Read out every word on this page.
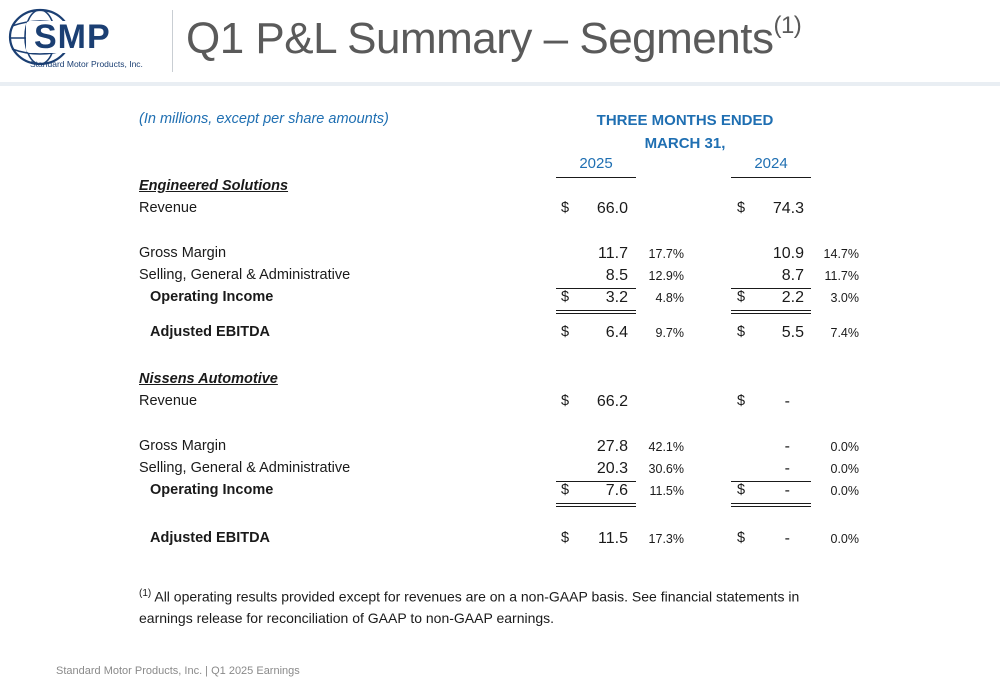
SMP
Standard Motor Products, Inc.
Q1 P&L Summary – Segments$^{(1)}$
(In millions, except per share amounts)	THREE MONTHS ENDED
MARCH 31,
2025	2024
Engineered Solutions
Revenue	$	66.0	$	74.3
Gross Margin	11.7	17.7%	10.9	14.7%
Selling, General & Administrative	8.5	12.9%	8.7	11.7%
Operating Income	$	3.2	4.8%	$	2.2	3.0%
Adjusted EBITDA	$	6.4	9.7%	$	5.5	7.4%
Nissens Automotive
Revenue	$	66.2	$	-
Gross Margin	27.8	42.1%	-	0.0%
Selling, General & Administrative	20.3	30.6%	-	0.0%
Operating Income	$	7.6	11.5%	$	-	0.0%
Adjusted EBITDA	$	11.5	17.3%	$	-	0.0%
$^{(1)}$ All operating results provided except for revenues are on a non-GAAP basis. See financial statements in earnings release for reconciliation of GAAP to non-GAAP earnings.
Standard Motor Products, Inc. | Q1 2025 Earnings
